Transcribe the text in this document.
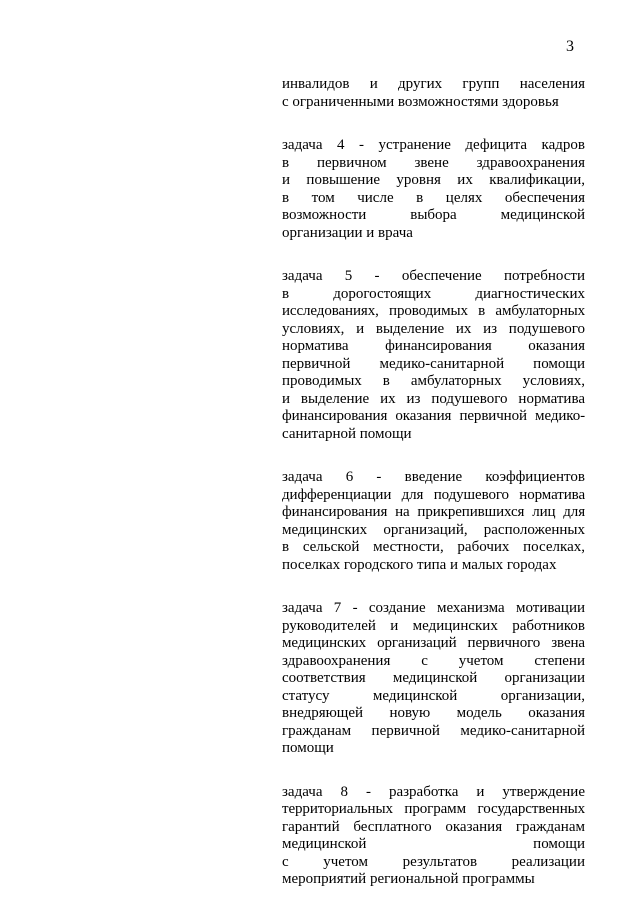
3

инвалидов и других групп населения
с ограниченными возможностями здоровья

задача 4 - устранение дефицита кадров
в первичном звене здравоохранения
и повышение уровня их квалификации,
в том числе в целях обеспечения
возможности выбора медицинской
организации и врача

задача 5 - обеспечение потребности
в дорогостоящих диагностических
исследованиях, проводимых в амбулаторных
условиях, и выделение их из подушевого
норматива финансирования оказания
первичной медико-санитарной помощи
проводимых в амбулаторных условиях,
и выделение их из подушевого норматива
финансирования оказания первичной медико-
санитарной помощи

задача 6 - введение коэффициентов
дифференциации для подушевого норматива
финансирования на прикрепившихся лиц для
медицинских организаций, расположенных
в сельской местности, рабочих поселках,
поселках городского типа и малых городах

задача 7 - создание механизма мотивации
руководителей и медицинских работников
медицинских организаций первичного звена
здравоохранения с учетом степени
соответствия медицинской организации
статусу медицинской организации,
внедряющей новую модель оказания
гражданам первичной медико-санитарной
помощи

задача 8 - разработка и утверждение
территориальных программ государственных
гарантий бесплатного оказания гражданам
медицинской помощи
с учетом результатов реализации
мероприятий региональной программы
